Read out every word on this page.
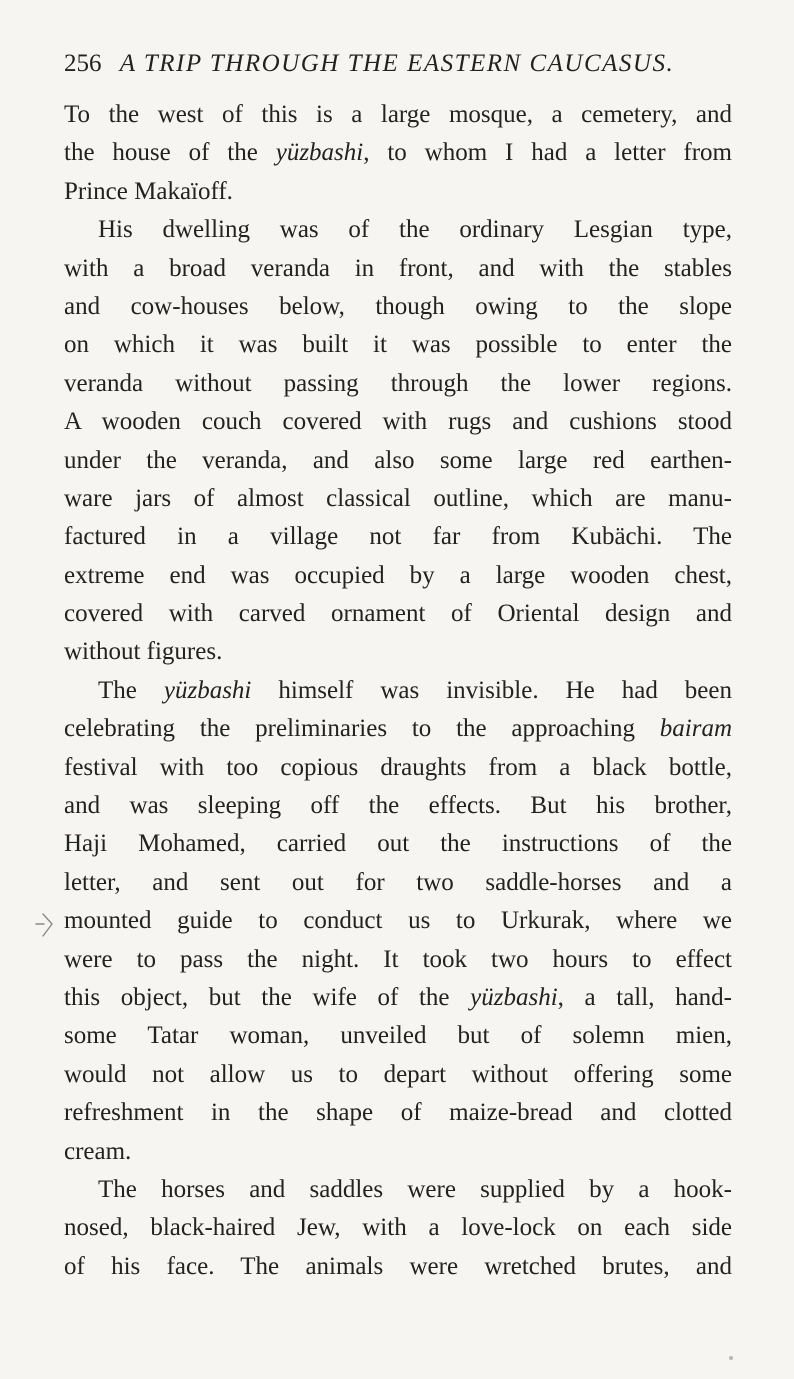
256 A TRIP THROUGH THE EASTERN CAUCASUS.
To the west of this is a large mosque, a cemetery, and
the house of the yüzbashi, to whom I had a letter from
Prince Makaïoff.
His dwelling was of the ordinary Lesgian type,
with a broad veranda in front, and with the stables
and cow-houses below, though owing to the slope
on which it was built it was possible to enter the
veranda without passing through the lower regions.
A wooden couch covered with rugs and cushions stood
under the veranda, and also some large red earthen-
ware jars of almost classical outline, which are manu-
factured in a village not far from Kubächi. The
extreme end was occupied by a large wooden chest,
covered with carved ornament of Oriental design and
without figures.
The yüzbashi himself was invisible. He had been
celebrating the preliminaries to the approaching bairam
festival with too copious draughts from a black bottle,
and was sleeping off the effects. But his brother,
Haji Mohamed, carried out the instructions of the
letter, and sent out for two saddle-horses and a
mounted guide to conduct us to Urkurak, where we
were to pass the night. It took two hours to effect
this object, but the wife of the yüzbashi, a tall, hand-
some Tatar woman, unveiled but of solemn mien,
would not allow us to depart without offering some
refreshment in the shape of maize-bread and clotted
cream.
The horses and saddles were supplied by a hook-
nosed, black-haired Jew, with a love-lock on each side
of his face. The animals were wretched brutes, and
